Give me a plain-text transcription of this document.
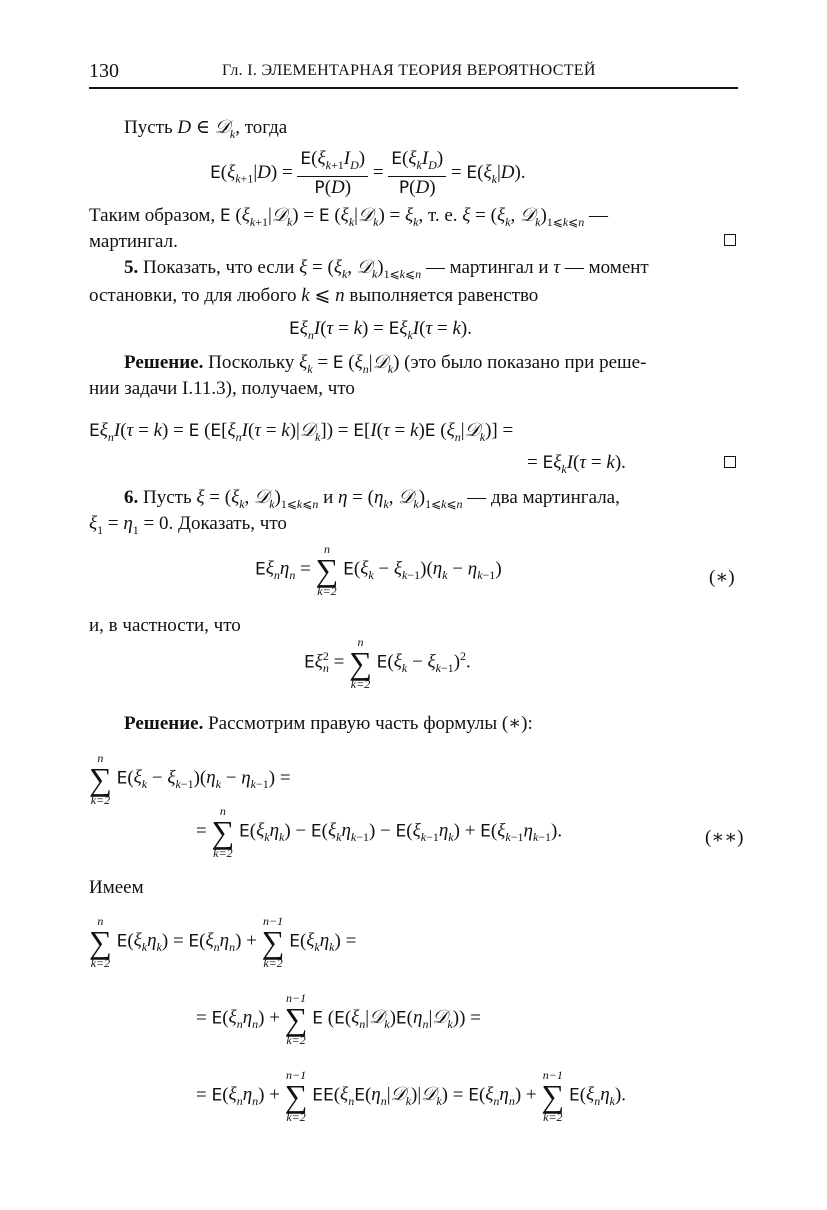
130	Гл. I. ЭЛЕМЕНТАРНАЯ ТЕОРИЯ ВЕРОЯТНОСТЕЙ
Пусть D ∈ 𝒟$_k$, тогда
$E(\xi_{k+1}|D) = \frac{E(\xi_{k+1}I_D)}{P(D)} = \frac{E(\xi_kI_D)}{P(D)} = E(\xi_k|D)$.
Таким образом, E $(\xi_{k+1}|𝒟_k) = E$ $(\xi_k|𝒟_k) = \xi_k$, т. е. $\xi = (\xi_k$, $𝒟_k)_{1⩽k⩽n}$ —
мартингал.
5. Показать, что если $\xi = (\xi_k$, $𝒟_k)_{1⩽k⩽n}$ — мартингал и τ — момент
остановки, то для любого k ⩽ n выполняется равенство
$E\xi_nI(\tau = k) = E\xi_kI(\tau = k)$.
Решение. Поскольку $\xi_k = E$ $(\xi_n|𝒟_k)$ (это было показано при реше-
нии задачи I.11.3), получаем, что
$E\xi_nI(\tau = k) = E$ ($E[\xi_nI(\tau$ = k)|𝒟$_k$]) = E[I(τ = k)E $(\xi_n|𝒟_k)$] =
= $E\xi_kI(\tau = k)$.
6. Пусть $\xi = (\xi_k$, $𝒟_k)_{1⩽k⩽n}$ и $\eta = (\eta_k$, $𝒟_k)_{1⩽k⩽n}$ — два мартингала,
$\xi_1 = \eta_1 = 0$. Доказать, что
$E\xi_n\eta_n$ =
n
∑
k=2
$E(\xi_k - \xi_{k-1})(\eta_k - \eta_{k-1})$	(∗)
и, в частности, что
$E\xi^2_n$ =
n
∑
k=2
$E(\xi_k - \xi_{k-1})^2$.
Решение. Рассмотрим правую часть формулы (∗):
n
∑
k=2
$E(\xi_k - \xi_{k-1})(\eta_k - \eta_{k-1})$ =
=
n
∑
k=2
$E(\xi_k\eta_k) - E(\xi_k\eta_{k-1}) - E(\xi_{k-1}\eta_k) + E(\xi_{k-1}\eta_{k-1})$.	(∗∗)
Имеем
n
∑
k=2
$E(\xi_k\eta_k) = E(\xi_n\eta_n)$ +
n−1
∑
k=2
$E(\xi_k\eta_k)$ =
= $E(\xi_n\eta_n)$ +
n−1
∑
k=2
E $(E(\xi_n|𝒟_k)E(\eta_n|𝒟_k))$ =
= $E(\xi_n\eta_n)$ +
n−1
∑
k=2
$EE(\xi_nE(\eta_n|𝒟_k)|𝒟_k) = E(\xi_n\eta_n)$ +
n−1
∑
k=2
$E(\xi_n\eta_k)$.
